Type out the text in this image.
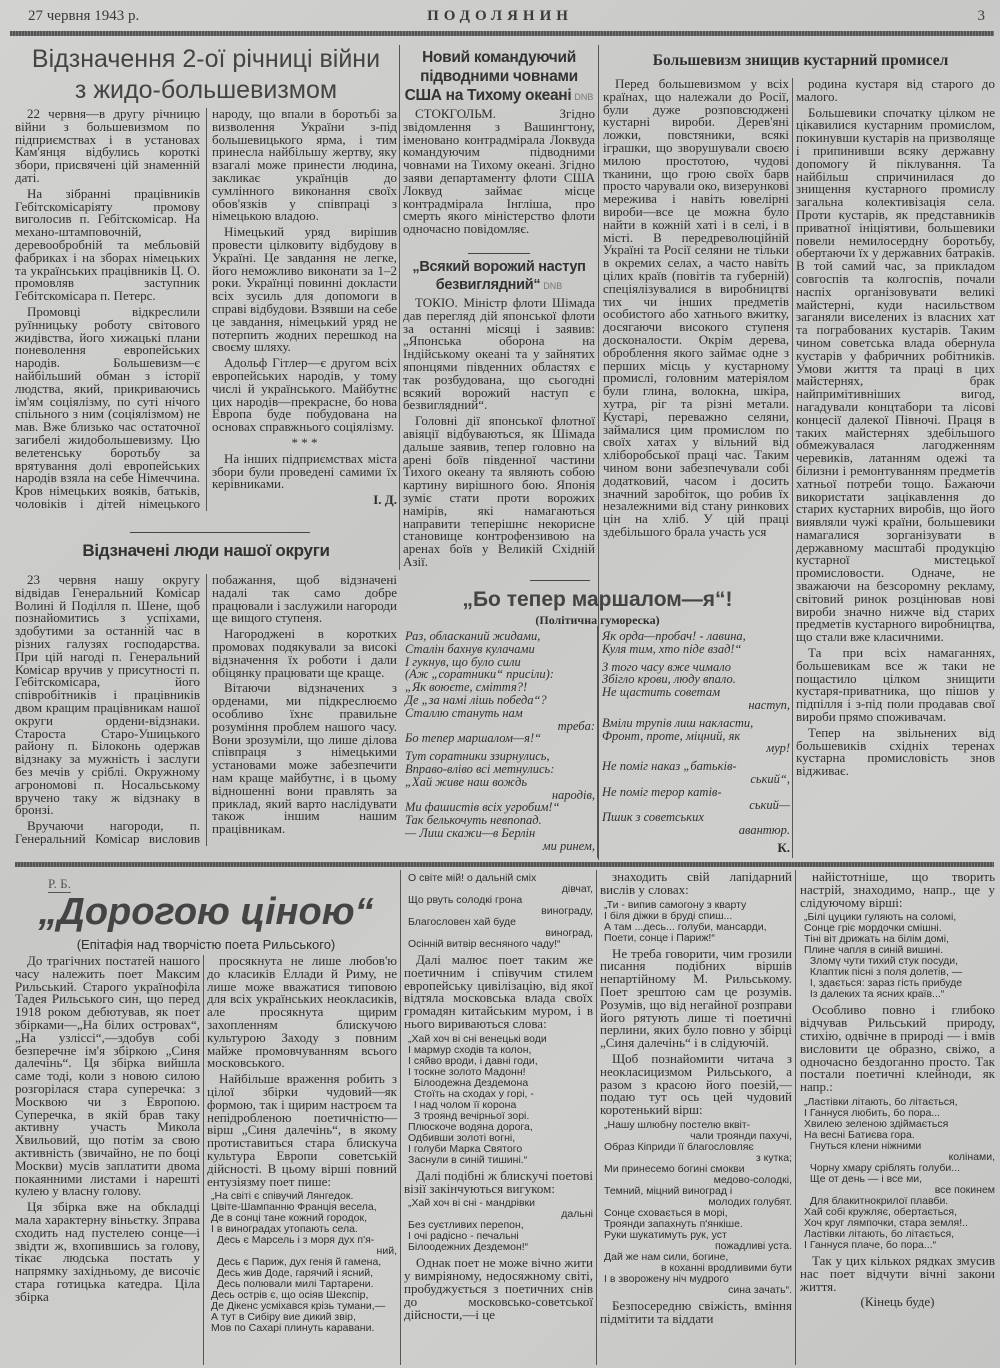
27 червня 1943 р.	ПОДОЛЯНИН	3
Відзначення 2-ої річниці війни
з жидо-большевизмом

22 червня—в другу річницю війни з большевизмом по підприємствах і в установах Кам'янця відбулись короткі збори, присвячені цій знаменній даті.

На зібранні працівників Гебітскомісаріяту промову виголосив п. Гебітскомісар. На механо-штамповочній, деревообробній та мебльовій фабриках і на зборах німецьких та українських працівників Ц. О. промовляв заступник Гебітскомісара п. Петерс.

Промовці відкреслили руїнницьку роботу світового жидівства, його хижацькі плани поневолення европейських народів. Большевизм—є найбільший обман з історії людства, який, прикриваючись ім'ям соціялізму, по суті нічого спільного з ним (соціялізмом) не мав. Вже близько час остаточної загибелі жидобольшевизму. Цю велетенську боротьбу за врятування долі европейських народів взяла на себе Німеччина. Кров німецьких вояків, батьків, чоловіків і дітей німецького народу, що впали в боротьбі за визволення України з-під большевицького ярма, і тим принесла найбільшу жертву, яку взагалі може принести людина, закликає українців до сумлінного виконання своїх обов'язків у співпраці з німецькою владою.

Німецький уряд вирішив провести цілковиту відбудову в Україні. Це завдання не легке, його неможливо виконати за 1–2 роки. Українці повинні докласти всіх зусиль для допомоги в справі відбудови. Взявши на себе це завдання, німецький уряд не потерпить жодних перешкод на своєму шляху.

Адольф Гітлер—є другом всіх европейських народів, у тому числі й українського. Майбутнє цих народів—прекрасне, бо нова Европа буде побудована на основах справжнього соціялізму.

* * *

На інших підприємствах міста збори були проведені самими їх керівниками.

І. Д.

Новий командуючий підводними човнами США на Тихому океані DNB

СТОКГОЛЬМ. Згідно звідомлення з Вашингтону, іменовано контрадмірала Локвуда командуючим підводними човнами на Тихому океані. Згідно заяви департаменту флоти США Локвуд займає місце контрадмірала Інгліша, про смерть якого міністерство флоти одночасно повідомляє.

„Всякий ворожий наступ безвиглядний“ DNB

ТОКІО. Міністр флоти Шімада дав перегляд дій японської флоти за останні місяці і заявив: „Японська оборона на Індійському океані та у зайнятих японцями південних областях є так розбудована, що сьогодні всякий ворожий наступ є безвиглядний“.

Головні дії японської флотної авіяції відбуваються, як Шімада дальше заявив, тепер головно на арені боїв південної частини Тихого океану та являють собою картину вирішного бою. Японія зуміє стати проти ворожих намірів, які намагаються направити теперішнє некорисне становище контрофензивою на аренах боїв у Великій Східній Азії.

Большевизм знищив кустарний промисел

Перед большевизмом у всіх країнах, що належали до Росії, були дуже розповсюджені кустарні вироби. Дерев'яні ложки, повстяники, всякі іграшки, що зворушували своєю милою простотою, чудові тканини, що грою своїх барв просто чарували око, визерункові мережива і навіть ювелірні вироби—все це можна було найти в кожній хаті і в селі, і в місті. В передреволюційній Україні та Росії селяни не тільки в окремих селах, а часто навіть цілих країв (повітів та губерній) спеціялізувалися в виробництві тих чи інших предметів особистого або хатнього вжитку, досягаючи високого ступеня досконалости. Окрім дерева, оброблення якого займає одне з перших місць у кустарному промислі, головним матеріялом були глина, волокна, шкіра, хутра, ріг та різні метали. Кустарі, переважно селяни, займалися цим промислом по своїх хатах у вільний від хліборобської праці час. Таким чином вони забезпечували собі додатковий, часом і досить значний заробіток, що робив їх незалежними від стану ринкових цін на хліб. У цій праці здебільшого брала участь уся

родина кустаря від старого до малого.

Большевики спочатку цілком не цікавилися кустарним промислом, покинувши кустарів на призволяще і припинивши всяку державну допомогу й піклування. Та найбільш спричинилася до знищення кустарного промислу загальна колективізація села. Проти кустарів, як представників приватної ініціятиви, большевики повели немилосердну боротьбу, обертаючи їх у державних батраків. В той самий час, за прикладом совгоспів та колгоспів, почали наспіх організовувати великі майстерні, куди насильством заганяли виселених із власних хат та пограбованих кустарів. Таким чином советська влада обернула кустарів у фабричних робітників. Умови життя та праці в цих майстернях, брак найпримітивніших вигод, нагадували концтабори та лісові концесії далекої Півночі. Праця в таких майстернях здебільшого обмежувалася лагодженням черевиків, латанням одежі та білизни і ремонтуванням предметів хатньої потреби тощо. Бажаючи використати зацікавлення до старих кустарних виробів, що його виявляли чужі країни, большевики намагалися зорганізувати в державному масштабі продукцію кустарної мистецької промисловости. Одначе, не зважаючи на безсоромну рекламу, світовий ринок розцінював нові вироби значно нижче від старих предметів кустарного виробництва, що стали вже класичними.

Та при всіх намаганнях, большевикам все ж таки не пощастило цілком знищити кустаря-приватника, що пішов у підпілля і з-під поли продавав свої вироби прямо споживачам.

Тепер на звільнених від большевиків східніх теренах кустарна промисловість знов відживає.

Відзначені люди нашої округи

23 червня нашу округу відвідав Генеральний Комісар Волині й Поділля п. Шене, щоб познайомитись з успіхами, здобутими за останній час в різних галузях господарства. При цій нагоді п. Генеральний Комісар вручив у присутності п. Гебітскомісара, його співробітників і працівників двом кращим працівникам нашої округи ордени-відзнаки. Староста Старо-Ушицького району п. Білоконь одержав відзнаку за мужність і заслуги без мечів у сріблі. Окружному агрономові п. Носальському вручено таку ж відзнаку в бронзі.

Вручаючи нагороди, п. Генеральний Комісар висловив побажання, щоб відзначені надалі так само добре працювали і заслужили нагороди ще вищого ступеня.

Нагороджені в коротких промовах подякували за високі відзначення їх роботи і дали обіцянку працювати ще краще.

Вітаючи відзначених з орденами, ми підкреслюємо особливо їхнє правильне розуміння проблем нашого часу. Вони зрозуміли, що лише ділова співпраця з німецькими установами може забезпечити нам краще майбутнє, і в цьому відношенні вони правлять за приклад, який варто наслідувати також іншим нашим працівникам.

„Бо тепер маршалом—я“!
(Політична гумореска)
Раз, обласканий жидами,
Сталін бахнув кулачами
І гукнув, що було сили
(Аж „соратники“ присіли):
„Як воюєте, сміття?!
Де „за намі лішь победа“?
Сталлю стануть нам
треба:
Бо тепер маршалом—я!“
Тут соратники ззирнулись,
Вправо-вліво всі метнулись:
„Хай живе наш вождь
народів,
Ми фашистів всіх угробим!“
Так белькочуть невпопад.
— Лиш скажи—в Берлін
ми ринем,
Як орда—пробач! - лавина,
Куля тим, хто піде взад!“
З того часу вже чимало
Збігло крови, люду впало.
Не щастить советам
наступ,
Вміли трупів лиш накласти,
Фронт, проте, міцний, як
мур!
Не поміг наказ „батьків-
ський“,
Не поміг терор катів-
ський—
Пшик з советських
авантюр.

К.

Р. Б.
„Дорогою ціною“
(Епітафія над творчістю поета Рильського)

До трагічних постатей нашого часу належить поет Максим Рильський. Старого українофіла Тадея Рильського син, що перед 1918 роком дебютував, як поет збірками—„На білих островах“, „На узліссі“,—здобув собі безперечне ім'я збіркою „Синя далечінь“. Ця збірка вийшла саме тоді, коли з новою силою розгорілася стара суперечка: з Москвою чи з Европою. Суперечка, в якій брав таку активну участь Микола Хвильовий, що потім за свою активність (звичайно, не по боці Москви) мусів заплатити двома покаянними листами і нарешті кулею у власну голову.

Ця збірка вже на обкладці мала характерну віньєтку. Зправа сходить над пустелею сонце—і звідти ж, вхопившись за голову, тікає людська постать у напрямку західньому, де височіє стара готицька катедра. Ціла збірка

просякнута не лише любов'ю до класиків Еллади й Риму, не лише може вважатися типовою для всіх українських неокласиків, але просякнута щирим захопленням блискучою культурою Заходу з повним майже промовчуванням всього московського.

Найбільше враження робить з цілої збірки чудовий—як формою, так і щирим настроєм та непідробленою поетичністю—вірш „Синя далечінь“, в якому протиставиться стара блискуча культура Европи советській дійсності. В цьому вірші повний ентузіязму поет пише:

„На світі є співучий Лянгедок.
Цвіте-Шампанню Франція весела,
Де в сонці тане кожний городок,
І в виноградах утопають села.
Десь є Марсель і з моря дух п'я-
ний,
Десь є Париж, дух генія й гамена,
Десь жив Доде, гарячий і ясний,
Десь полювали милі Тартарени.
Десь острів є, що осіяв Шекспір,
Де Дікенс усміхався крізь тумани,—
А тут в Сибіру вие дикий звір,
Мов по Сахарі плинуть каравани.
О світе мій! о дальній сміх
дівчат,
Що рвуть солодкі грона
винограду,
Благословен хай буде
виноград,
Осінній витвір весняного чаду!“

Далі малює поет таким же поетичним і співучим стилем европейську цивілізацію, від якої відтяла московська влада своїх громадян китайським муром, і в нього вириваються слова:

„Хай хоч ві сні венецькі води
І мармур сходів та колон,
І сяйво вроди, і давні годи,
І тоскне золото Мадонн!
Білоодежна Дездемона
Стоїть на сходах у горі, -
І над чолом її корона
З троянд вечірньої зорі.
Плюскоче водяна дорога,
Одбивши золоті вогні,
І голуби Марка Святого
Заснули в синій тишині.“

Далі подібні ж блискучі поетові візії закінчуються вигуком:

„Хай хоч ві сні - мандрівки
дальні
Без суєтливих перепон,
І очі радісно - печальні
Білоодежних Дездемон!“

Однак поет не може вічно жити у вимріяному, недосяжному світі, пробуджується з поетичних снів до московсько-советської дійсности,—і це

знаходить свій лапідарний вислів у словах:

„Ти - випив самогону з кварту
І біля діжки в бруді спиш...
А там ...десь... голуби, мансарди,
Поети, сонце і Париж!“

Не треба говорити, чим грозили писання подібних віршів непартійному М. Рильському. Поет зрештою сам це розумів. Розумів, що від негайної розправи його рятують лише ті поетичні перлини, яких було повно у збірці „Синя далечінь“ і в слідуючій.

Щоб познайомити читача з неокласицизмом Рильського, а разом з красою його поезій,—подаю тут ось цей чудовий коротенький вірш:

„Нашу шлюбну постелю вквіт-
чали троянди пахучі,
Образ Кіприди її благословляє
з кутка;
Ми принесемо богині смокви
медово-солодкі,
Темний, міцний виноград і
молодих голубят.
Сонце сховається в морі,
Троянди запахнуть п'янкіше.
Руки шукатимуть рук, уст
пожадливі уста.
Дай же нам сили, богине,
в коханні вродливими бути
І в зворожену ніч мудрого
сина зачать“.

Безпосередню свіжість, вміння підмітити та віддати

найістотніше, що творить настрій, знаходимо, напр., ще у слідуючому вірші:

„Білі цуцики гуляють на соломі,
Сонце гріє мордочки смішні.
Тіні віт дрижать на білім домі,
Плине чапля в синій вишині.
Зломү чути тихий стук посуди,
Клаптик пісні з поля долетів, —
І, здається: зараз гість прибуде
Із далеких та ясних країв...“

Особливо повно і глибоко відчував Рильський природу, стихію, одвічне в природі — і вмів висловити це образно, свіжо, а одночасно бездоганно просто. Так постали поетичні клейноди, як напр.:

„Ластівки літають, бо літається,
І Ганнуся любить, бо пора...
Хвилею зеленою здіймається
На весні Батиєва гора.
Гнуться клени ніжними
колінами,
Чорну хмару сріблять голуби...
Ще от день — і все ми,
все покинем
Для блакитнокрилої плавби.
Хай собі кружляє, обертається,
Хоч круг лямпочки, стара земля!..
Ластівки літають, бо літається,
І Ганнуся плаче, бо пора...“

Так у цих кількох рядках змусив нас поет відчути вічні закони життя.

(Кінець буде)
